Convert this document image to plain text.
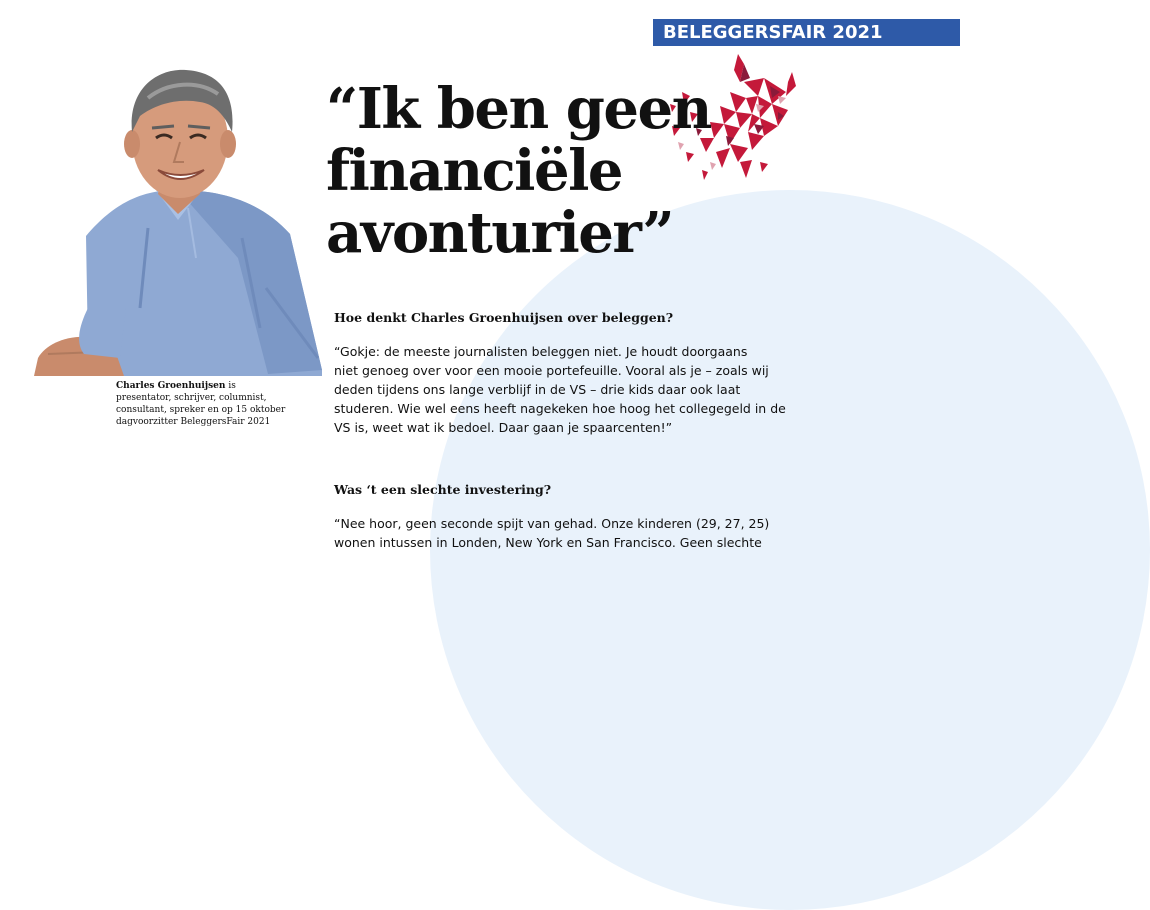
BELEGGERSFAIR 2021
“Ik ben geen
financiële
avonturier”
Charles Groenhuijsen is
presentator, schrijver, columnist,
consultant, spreker en op 15 oktober
dagvoorzitter BeleggersFair 2021
Hoe denkt Charles Groenhuijsen over beleggen?

“Gokje: de meeste journalisten beleggen niet. Je houdt doorgaans
niet genoeg over voor een mooie portefeuille. Vooral als je – zoals wij
deden tijdens ons lange verblijf in de VS – drie kids daar ook laat
studeren. Wie wel eens heeft nagekeken hoe hoog het collegegeld in de
VS is, weet wat ik bedoel. Daar gaan je spaarcenten!”

Was ‘t een slechte investering?

“Nee hoor, geen seconde spijt van gehad. Onze kinderen (29, 27, 25)
wonen intussen in Londen, New York en San Francisco. Geen slechte
